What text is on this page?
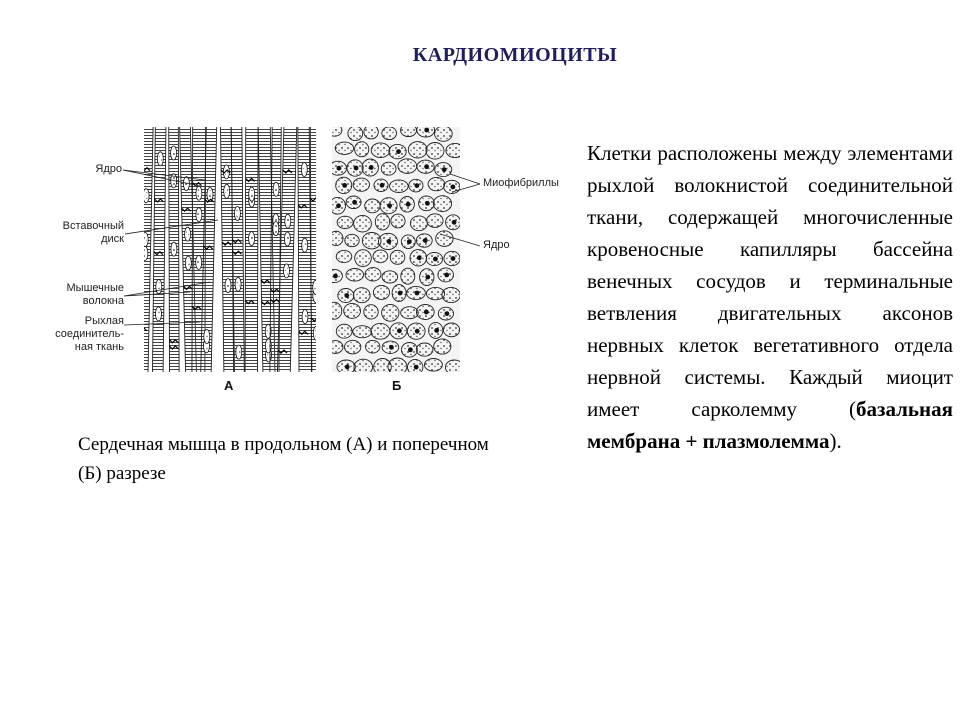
КАРДИОМИОЦИТЫ
Ядро
Вставочный
диск
Мышечные
волокна
Рыхлая
соединитель-
ная ткань
Миофибриллы
Ядро
А	Б
Сердечная мышца в продольном (А) и поперечном (Б) разрезе
Клетки расположены между элементами рыхлой волокнистой соединительной ткани, содержащей многочисленные кровеносные капилляры бассейна венечных сосудов и терминальные ветвления двигательных аксонов нервных клеток вегетативного отдела нервной системы. Каждый миоцит имеет сарколемму (базальная мембрана + плазмолемма).
